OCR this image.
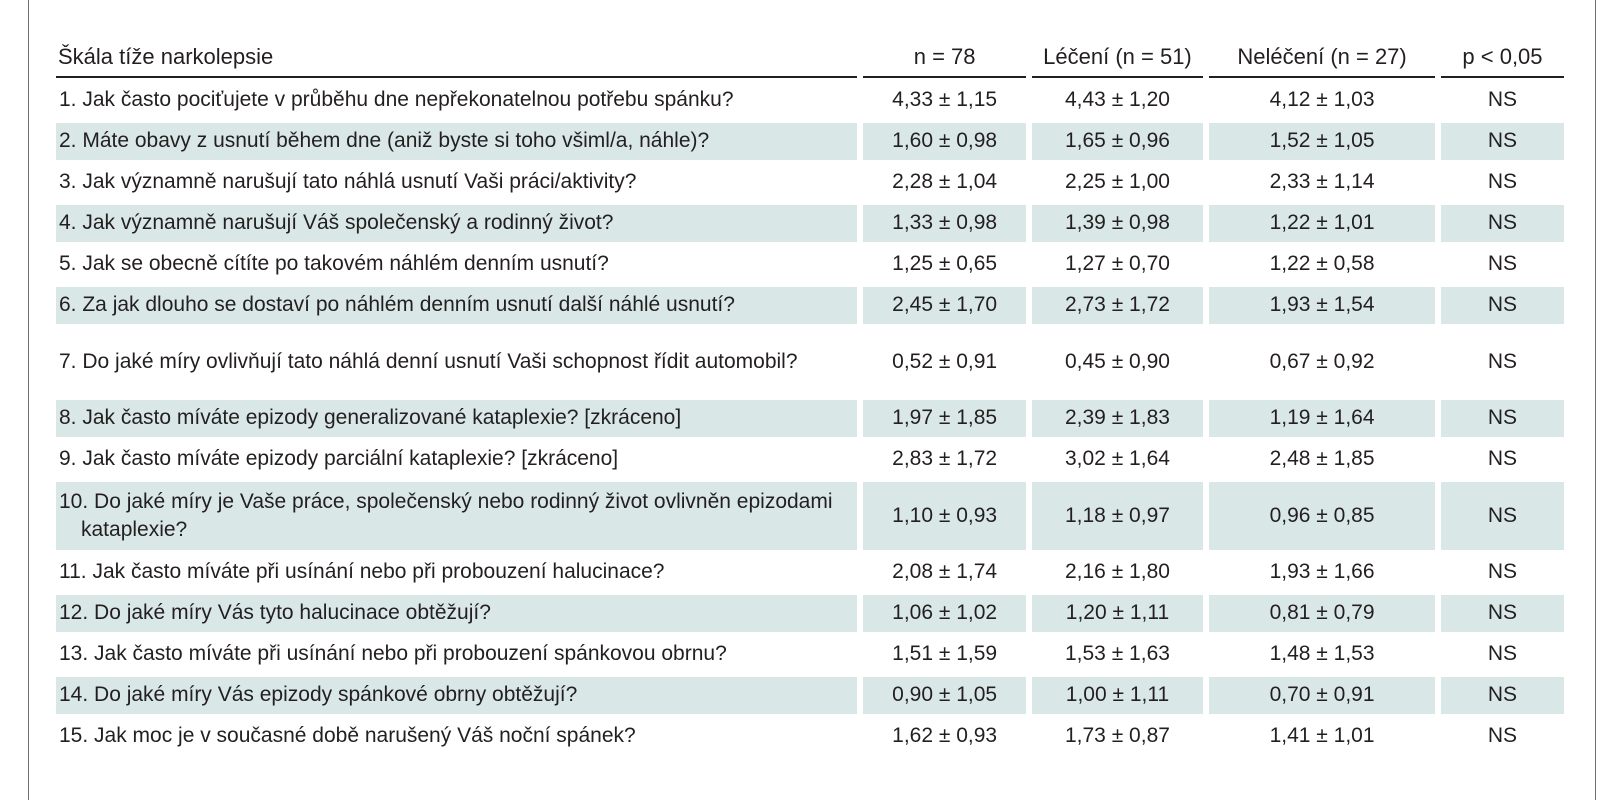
Škála tíže narkolepsie	n = 78	Léčení (n = 51)	Neléčení (n = 27)	p < 0,05

1. Jak často pociťujete v průběhu dne nepřekonatelnou potřebu spánku?	4,33 ± 1,15	4,43 ± 1,20	4,12 ± 1,03	NS

2. Máte obavy z usnutí během dne (aniž byste si toho všiml/a, náhle)?	1,60 ± 0,98	1,65 ± 0,96	1,52 ± 1,05	NS

3. Jak významně narušují tato náhlá usnutí Vaši práci/aktivity?	2,28 ± 1,04	2,25 ± 1,00	2,33 ± 1,14	NS

4. Jak významně narušují Váš společenský a rodinný život?	1,33 ± 0,98	1,39 ± 0,98	1,22 ± 1,01	NS

5. Jak se obecně cítíte po takovém náhlém denním usnutí?	1,25 ± 0,65	1,27 ± 0,70	1,22 ± 0,58	NS

6. Za jak dlouho se dostaví po náhlém denním usnutí další náhlé usnutí?	2,45 ± 1,70	2,73 ± 1,72	1,93 ± 1,54	NS

7. Do jaké míry ovlivňují tato náhlá denní usnutí Vaši schopnost řídit automobil?	0,52 ± 0,91	0,45 ± 0,90	0,67 ± 0,92	NS

8. Jak často míváte epizody generalizované kataplexie? [zkráceno]	1,97 ± 1,85	2,39 ± 1,83	1,19 ± 1,64	NS

9. Jak často míváte epizody parciální kataplexie? [zkráceno]	2,83 ± 1,72	3,02 ± 1,64	2,48 ± 1,85	NS

10. Do jaké míry je Vaše práce, společenský nebo rodinný život ovlivněn epizodami kataplexie?	1,10 ± 0,93	1,18 ± 0,97	0,96 ± 0,85	NS

11. Jak často míváte při usínání nebo při probouzení halucinace?	2,08 ± 1,74	2,16 ± 1,80	1,93 ± 1,66	NS

12. Do jaké míry Vás tyto halucinace obtěžují?	1,06 ± 1,02	1,20 ± 1,11	0,81 ± 0,79	NS

13. Jak často míváte při usínání nebo při probouzení spánkovou obrnu?	1,51 ± 1,59	1,53 ± 1,63	1,48 ± 1,53	NS

14. Do jaké míry Vás epizody spánkové obrny obtěžují?	0,90 ± 1,05	1,00 ± 1,11	0,70 ± 0,91	NS

15. Jak moc je v současné době narušený Váš noční spánek?	1,62 ± 0,93	1,73 ± 0,87	1,41 ± 1,01	NS
